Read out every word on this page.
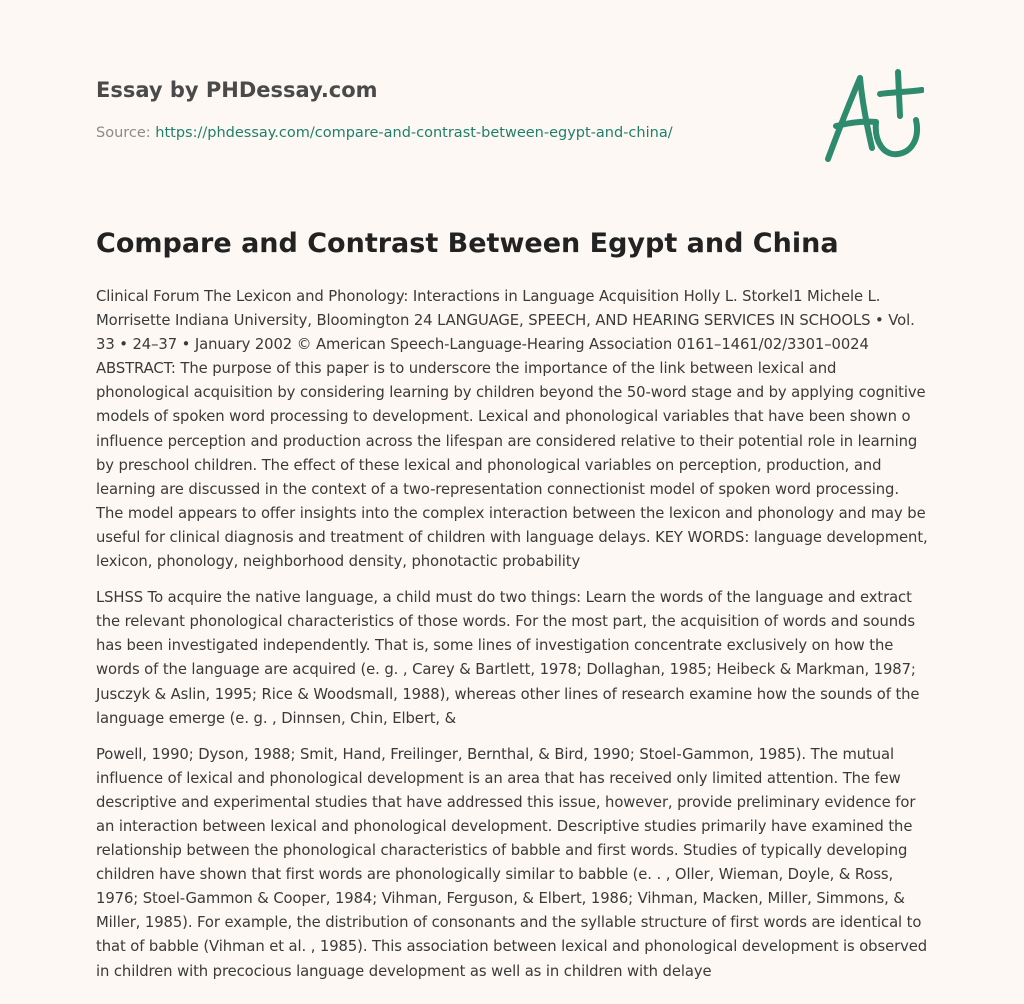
Essay by PHDessay.com
Source: https://phdessay.com/compare-and-contrast-between-egypt-and-china/
Compare and Contrast Between Egypt and China

Clinical Forum The Lexicon and Phonology: Interactions in Language Acquisition Holly L. Storkel1 Michele L. Morrisette Indiana University, Bloomington 24 LANGUAGE, SPEECH, AND HEARING SERVICES IN SCHOOLS • Vol. 33 • 24–37 • January 2002 © American Speech-Language-Hearing Association 0161–1461/02/3301–0024 ABSTRACT: The purpose of this paper is to underscore the importance of the link between lexical and phonological acquisition by considering learning by children beyond the 50-word stage and by applying cognitive models of spoken word processing to development. Lexical and phonological variables that have been shown o influence perception and production across the lifespan are considered relative to their potential role in learning by preschool children. The effect of these lexical and phonological variables on perception, production, and learning are discussed in the context of a two-representation connectionist model of spoken word processing. The model appears to offer insights into the complex interaction between the lexicon and phonology and may be useful for clinical diagnosis and treatment of children with language delays. KEY WORDS: language development, lexicon, phonology, neighborhood density, phonotactic probability

LSHSS To acquire the native language, a child must do two things: Learn the words of the language and extract the relevant phonological characteristics of those words. For the most part, the acquisition of words and sounds has been investigated independently. That is, some lines of investigation concentrate exclusively on how the words of the language are acquired (e. g. , Carey & Bartlett, 1978; Dollaghan, 1985; Heibeck & Markman, 1987; Jusczyk & Aslin, 1995; Rice & Woodsmall, 1988), whereas other lines of research examine how the sounds of the language emerge (e. g. , Dinnsen, Chin, Elbert, &

Powell, 1990; Dyson, 1988; Smit, Hand, Freilinger, Bernthal, & Bird, 1990; Stoel-Gammon, 1985). The mutual influence of lexical and phonological development is an area that has received only limited attention. The few descriptive and experimental studies that have addressed this issue, however, provide preliminary evidence for an interaction between lexical and phonological development. Descriptive studies primarily have examined the relationship between the phonological characteristics of babble and first words. Studies of typically developing children have shown that first words are phonologically similar to babble (e. . , Oller, Wieman, Doyle, & Ross, 1976; Stoel-Gammon & Cooper, 1984; Vihman, Ferguson, & Elbert, 1986; Vihman, Macken, Miller, Simmons, & Miller, 1985). For example, the distribution of consonants and the syllable structure of first words are identical to that of babble (Vihman et al. , 1985). This association between lexical and phonological development is observed in children with precocious language development as well as in children with delaye
